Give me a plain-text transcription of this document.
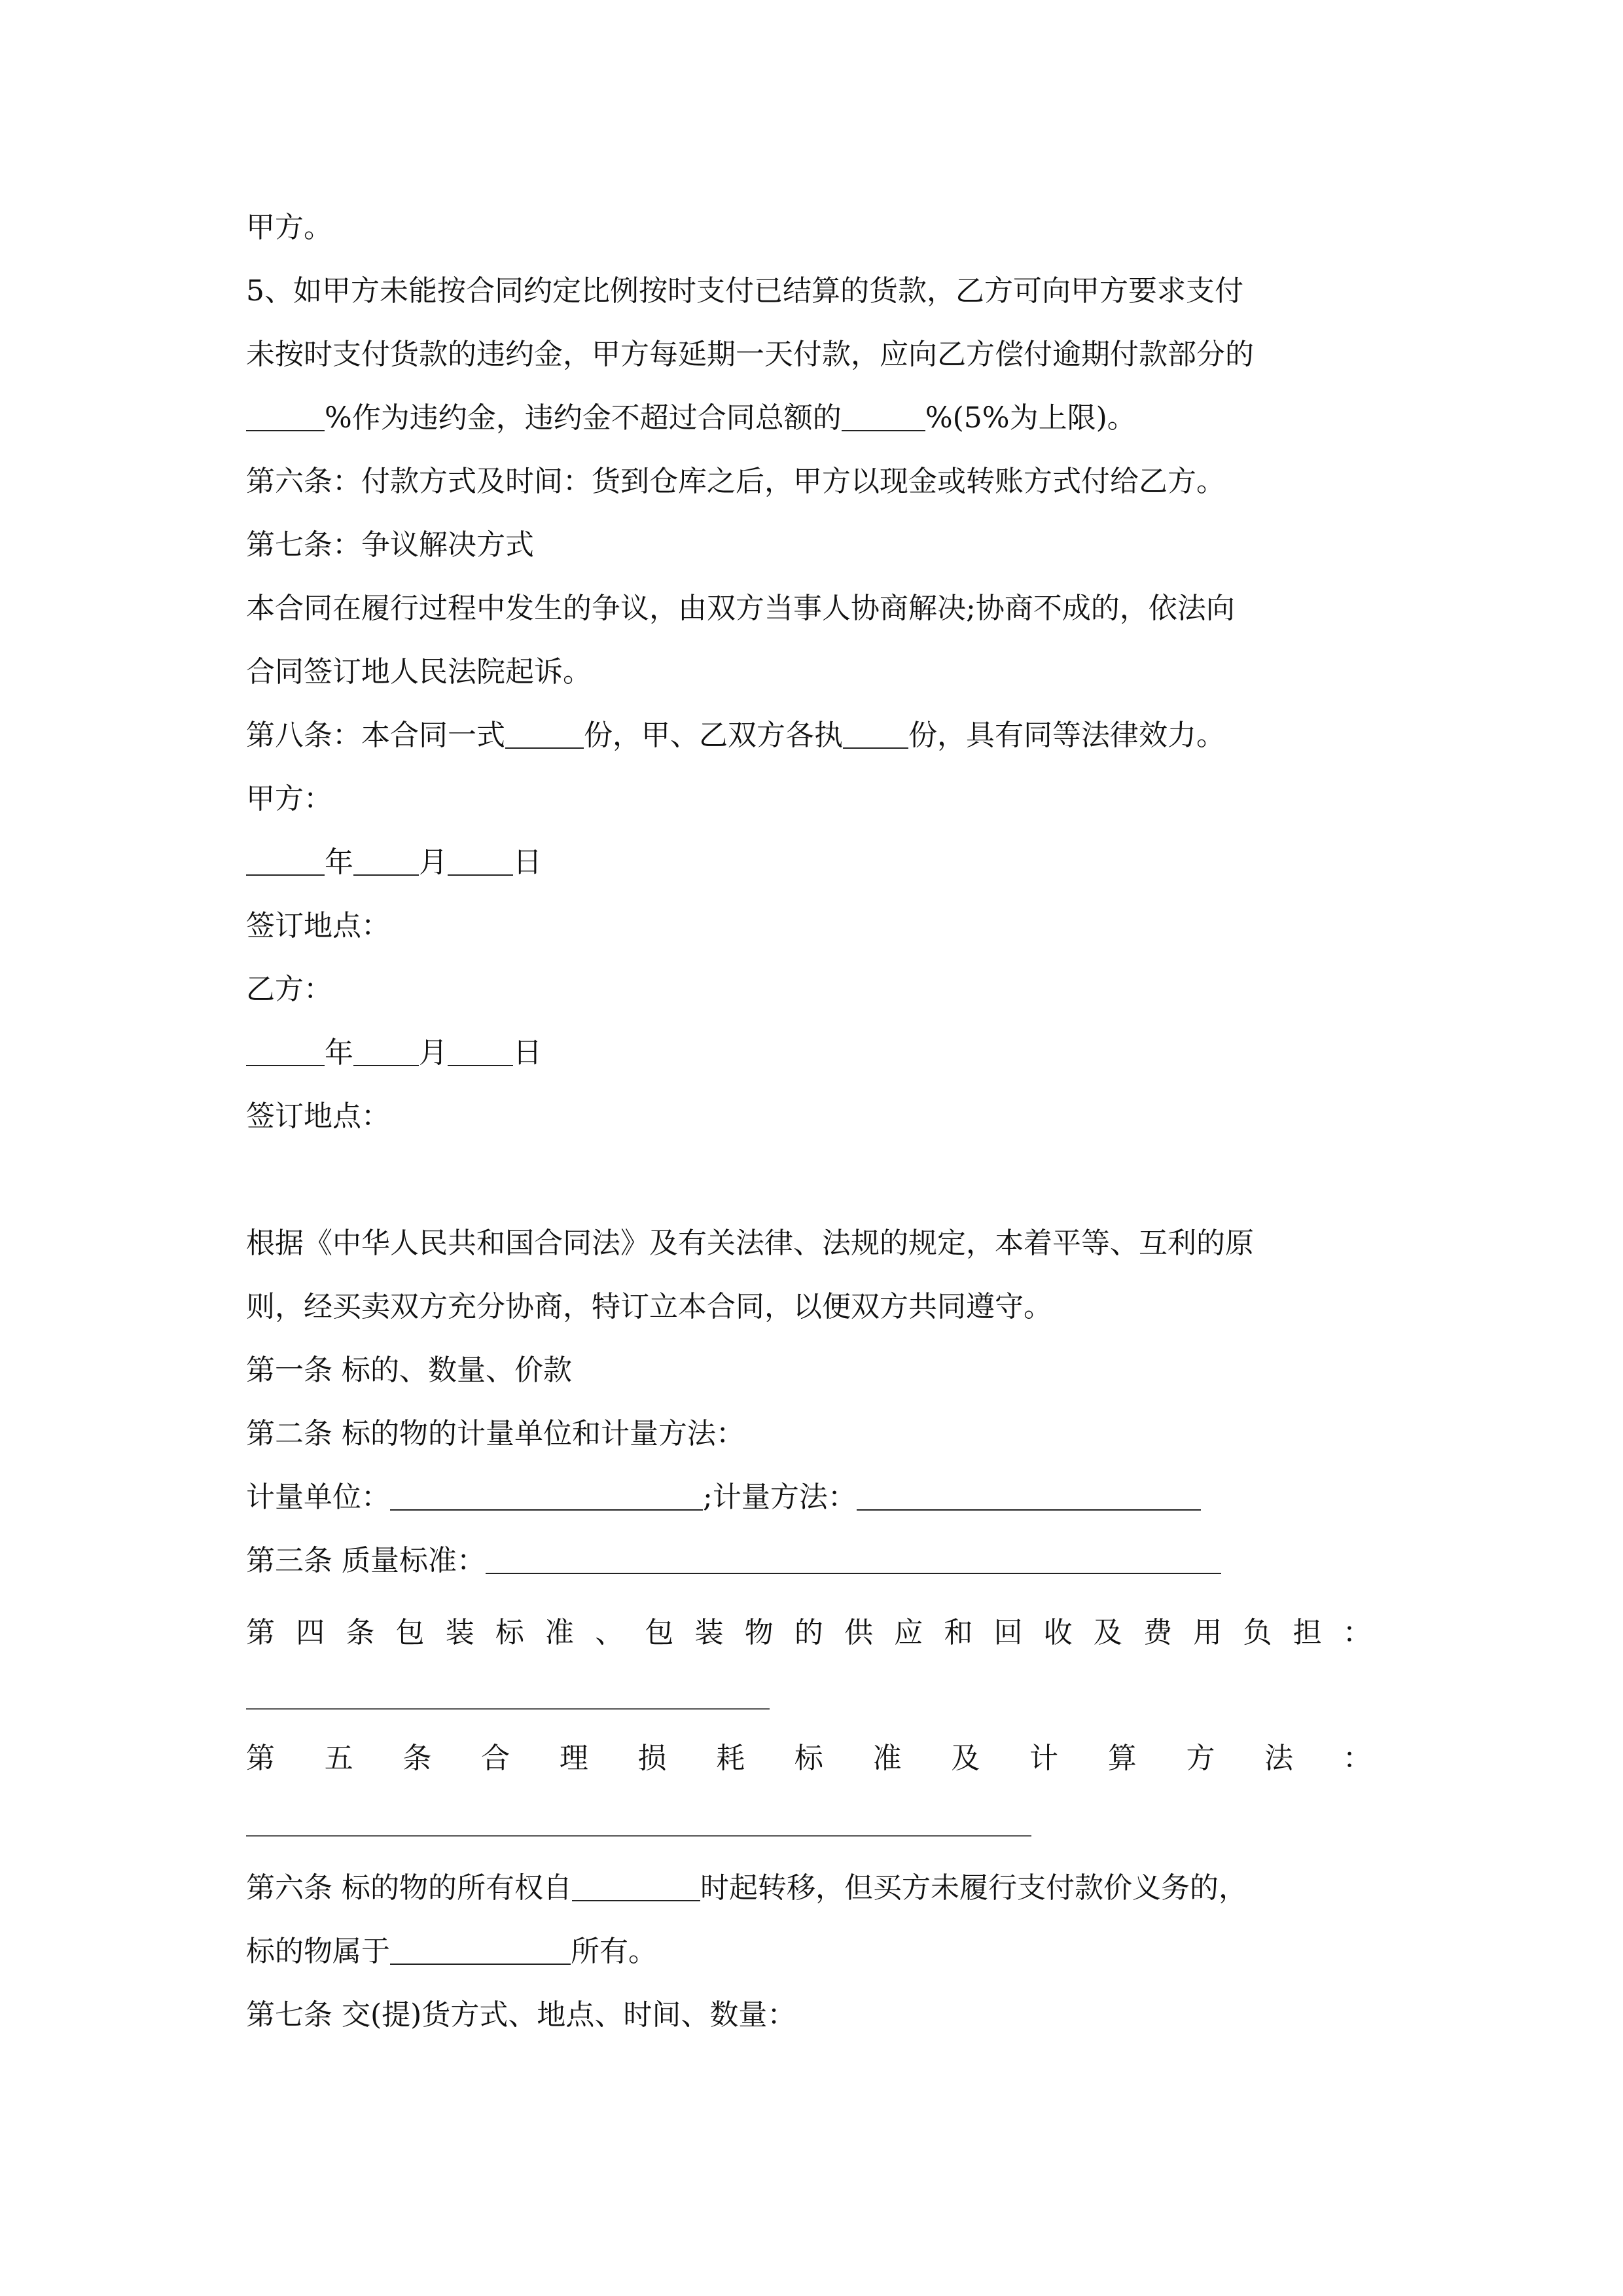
甲方。
5、如甲方未能按合同约定比例按时支付已结算的货款，乙方可向甲方要求支付
未按时支付货款的违约金，甲方每延期一天付款，应向乙方偿付逾期付款部分的
%作为违约金，违约金不超过合同总额的	%(5%为上限)。
第六条：付款方式及时间：货到仓库之后，甲方以现金或转账方式付给乙方。
第七条：争议解决方式
本合同在履行过程中发生的争议，由双方当事人协商解决;协商不成的，依法向
合同签订地人民法院起诉。
第八条：本合同一式	份，甲、乙双方各执 份，具有同等法律效力。
甲方：
年 月 日
签订地点：
乙方：
年 月 日
签订地点：
根据《中华人民共和国合同法》及有关法律、法规的规定，本着平等、互利的原
则，经买卖双方充分协商，特订立本合同，以便双方共同遵守。
第一条 标的、数量、价款
第二条 标的物的计量单位和计量方法：
计量单位：	;计量方法：
第三条 质量标准：
第 四 条 包 装 标 准 、 包 装 物 的 供 应 和 回 收 及 费 用 负 担 ：
第 五 条 合 理 损 耗 标 准 及 计 算 方 法 ：
第六条 标的物的所有权自	时起转移，但买方未履行支付款价义务的，
标的物属于	所有。
第七条 交(提)货方式、地点、时间、数量：
